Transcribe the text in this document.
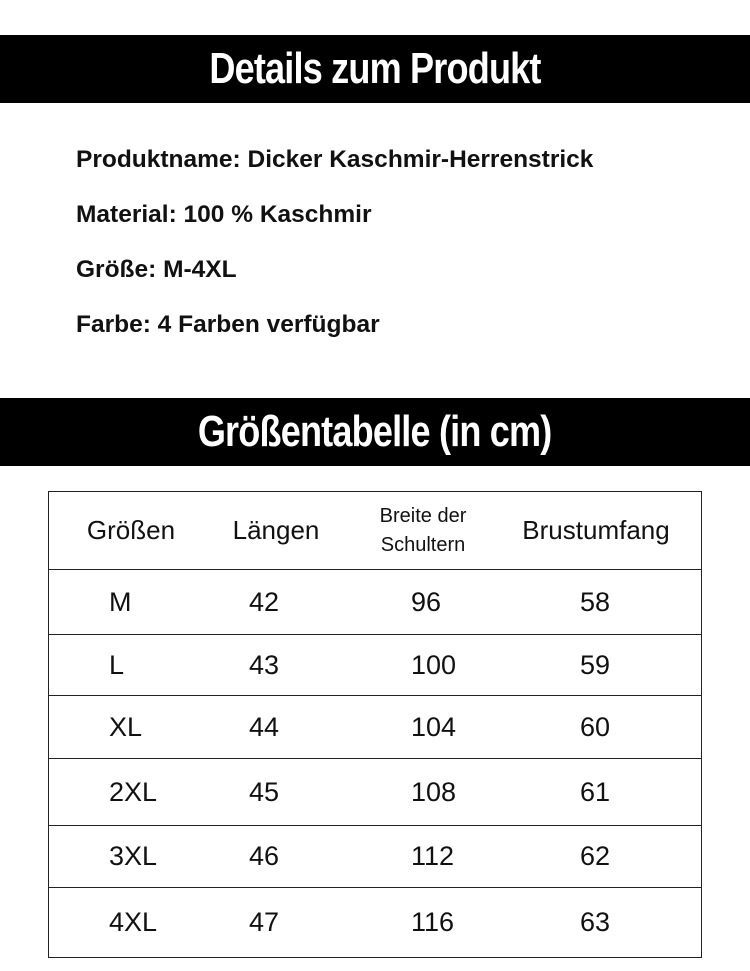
Details zum Produkt
Produktname: Dicker Kaschmir-Herrenstrick
Material: 100 % Kaschmir
Größe: M-4XL
Farbe: 4 Farben verfügbar
Größentabelle (in cm)
Größen	Längen	Breite der Schultern	Brustumfang
M	42	96	58
L	43	100	59
XL	44	104	60
2XL	45	108	61
3XL	46	112	62
4XL	47	116	63
